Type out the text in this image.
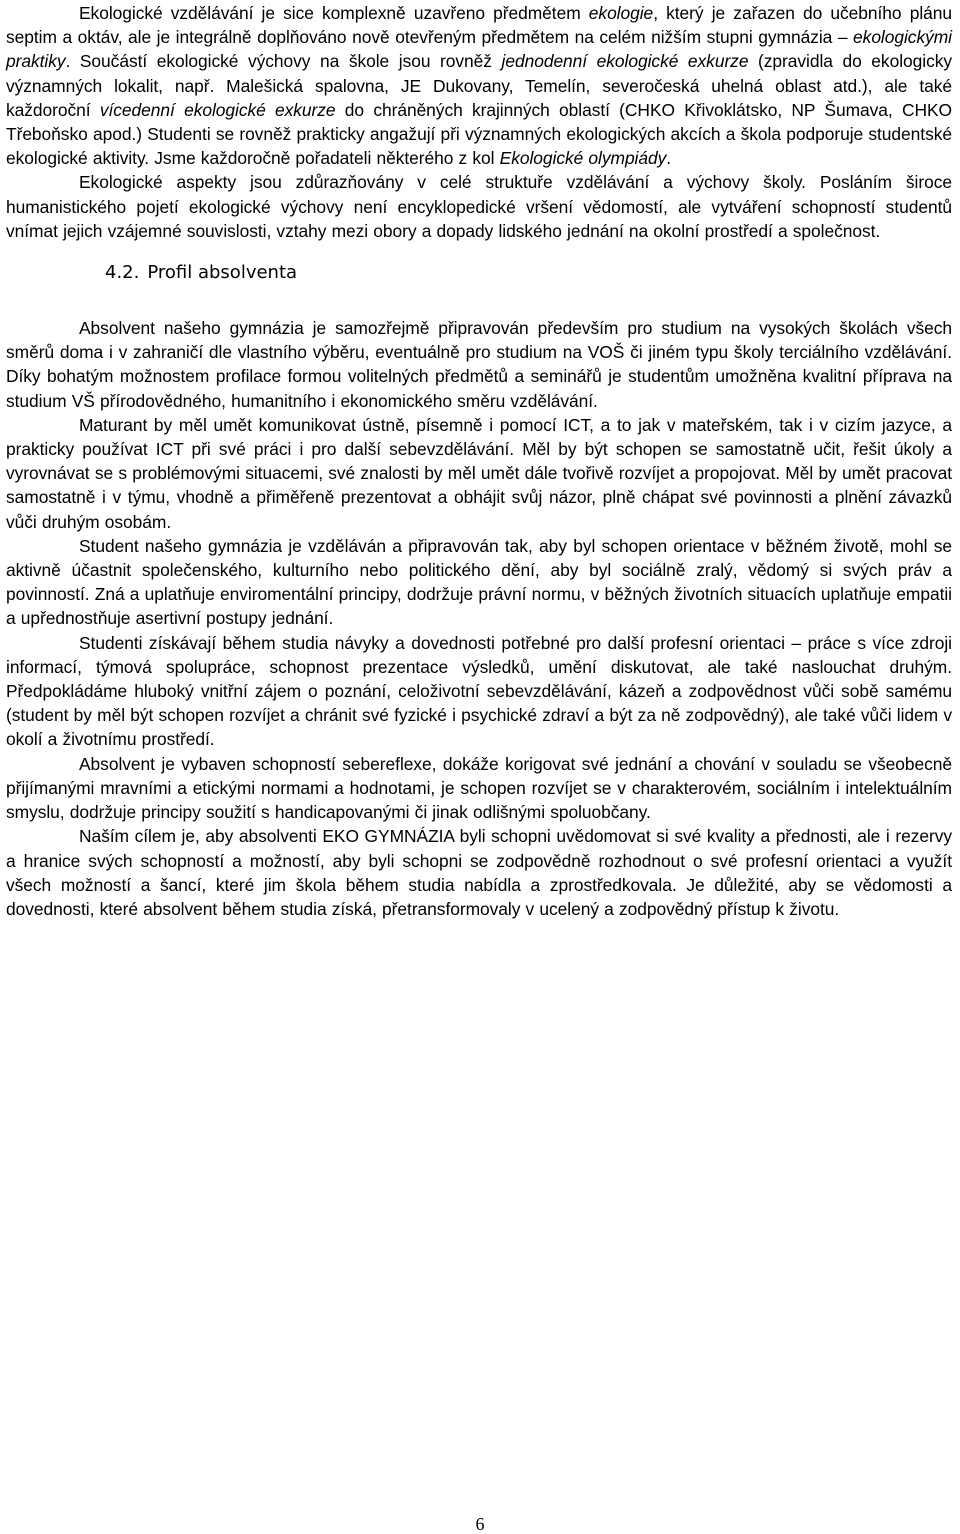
Ekologické vzdělávání je sice komplexně uzavřeno předmětem ekologie, který je zařazen do učebního plánu septim a oktáv, ale je integrálně doplňováno nově otevřeným předmětem na celém nižším stupni gymnázia – ekologickými praktiky. Součástí ekologické výchovy na škole jsou rovněž jednodenní ekologické exkurze (zpravidla do ekologicky významných lokalit, např. Malešická spalovna, JE Dukovany, Temelín, severočeská uhelná oblast atd.), ale také každoroční vícedenní ekologické exkurze do chráněných krajinných oblastí (CHKO Křivoklátsko, NP Šumava, CHKO Třeboňsko apod.) Studenti se rovněž prakticky angažují při významných ekologických akcích a škola podporuje studentské ekologické aktivity. Jsme každoročně pořadateli některého z kol Ekologické olympiády.

Ekologické aspekty jsou zdůrazňovány v celé struktuře vzdělávání a výchovy školy. Posláním široce humanistického pojetí ekologické výchovy není encyklopedické vršení vědomostí, ale vytváření schopností studentů vnímat jejich vzájemné souvislosti, vztahy mezi obory a dopady lidského jednání na okolní prostředí a společnost.

4.2. Profil absolventa

Absolvent našeho gymnázia je samozřejmě připravován především pro studium na vysokých školách všech směrů doma i v zahraničí dle vlastního výběru, eventuálně pro studium na VOŠ či jiném typu školy terciálního vzdělávání. Díky bohatým možnostem profilace formou volitelných předmětů a seminářů je studentům umožněna kvalitní příprava na studium VŠ přírodovědného, humanitního i ekonomického směru vzdělávání.

Maturant by měl umět komunikovat ústně, písemně i pomocí ICT, a to jak v mateřském, tak i v cizím jazyce, a prakticky používat ICT při své práci i pro další sebevzdělávání. Měl by být schopen se samostatně učit, řešit úkoly a vyrovnávat se s problémovými situacemi, své znalosti by měl umět dále tvořivě rozvíjet a propojovat. Měl by umět pracovat samostatně i v týmu, vhodně a přiměřeně prezentovat a obhájit svůj názor, plně chápat své povinnosti a plnění závazků vůči druhým osobám.

Student našeho gymnázia je vzděláván a připravován tak, aby byl schopen orientace v běžném životě, mohl se aktivně účastnit společenského, kulturního nebo politického dění, aby byl sociálně zralý, vědomý si svých práv a povinností. Zná a uplatňuje enviromentální principy, dodržuje právní normu, v běžných životních situacích uplatňuje empatii a upřednostňuje asertivní postupy jednání.

Studenti získávají během studia návyky a dovednosti potřebné pro další profesní orientaci – práce s více zdroji informací, týmová spolupráce, schopnost prezentace výsledků, umění diskutovat, ale také naslouchat druhým. Předpokládáme hluboký vnitřní zájem o poznání, celoživotní sebevzdělávání, kázeň a zodpovědnost vůči sobě samému (student by měl být schopen rozvíjet a chránit své fyzické i psychické zdraví a být za ně zodpovědný), ale také vůči lidem v okolí a životnímu prostředí.

Absolvent je vybaven schopností sebereflexe, dokáže korigovat své jednání a chování v souladu se všeobecně přijímanými mravními a etickými normami a hodnotami, je schopen rozvíjet se v charakterovém, sociálním i intelektuálním smyslu, dodržuje principy soužití s handicapovanými či jinak odlišnými spoluobčany.

Naším cílem je, aby absolventi EKO GYMNÁZIA byli schopni uvědomovat si své kvality a přednosti, ale i rezervy a hranice svých schopností a možností, aby byli schopni se zodpovědně rozhodnout o své profesní orientaci a využít všech možností a šancí, které jim škola během studia nabídla a zprostředkovala. Je důležité, aby se vědomosti a dovednosti, které absolvent během studia získá, přetransformovaly v ucelený a zodpovědný přístup k životu.

6
